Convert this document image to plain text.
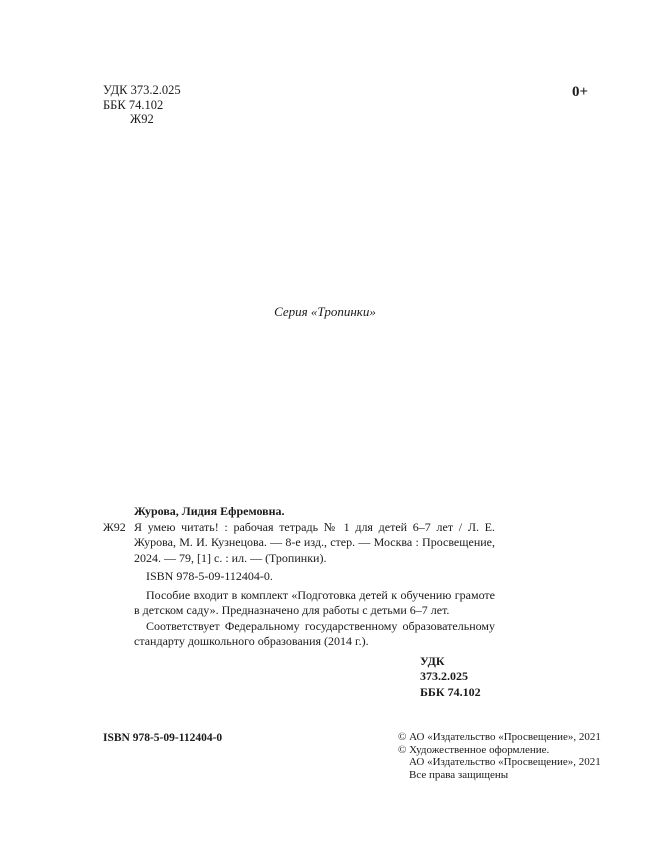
УДК 373.2.025
ББК 74.102
Ж92
0+
Серия «Тропинки»
Журова, Лидия Ефремовна.
Ж92 Я умею читать! : рабочая тетрадь № 1 для детей 6–7 лет / Л. Е. Журова, М. И. Кузнецова. — 8-е изд., стер. — Москва : Просвещение, 2024. — 79, [1] с. : ил. — (Тропинки).
ISBN 978-5-09-112404-0.

Пособие входит в комплект «Подготовка детей к обучению грамоте в детском саду». Предназначено для работы с детьми 6–7 лет.

Соответствует Федеральному государственному образовательному стандарту дошкольного образования (2014 г.).

УДК 373.2.025
ББК 74.102
ISBN 978-5-09-112404-0	© АО «Издательство «Просвещение», 2021
© Художественное оформление.
АО «Издательство «Просвещение», 2021
Все права защищены
